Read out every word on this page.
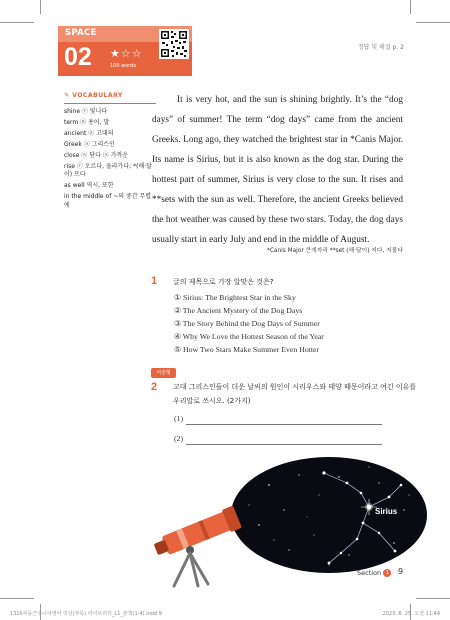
SPACE
02 ★☆☆
100 words
정답 및 해설 p. 2
✎ VOCABULARY
shine ⓥ 빛나다
term ⓝ 용어, 말
ancient ⓐ 고대의
Greek ⓐ 그리스인
close ⓐ 닫다 ⓐ 가까운
rise ⓥ 오르다, 올라가다; *(해·달이) 뜨다
as well 역시, 또한
in the middle of ~의 중간 무렵에

It is very hot, and the sun is shining brightly. It’s the “dog days” of summer! The term “dog days” came from the ancient Greeks. Long ago, they watched the brightest star in *Canis Major. Its name is Sirius, but it is also known as the dog star. During the hottest part of summer, Sirius is very close to the sun. It rises and **sets with the sun as well. Therefore, the ancient Greeks believed the hot weather was caused by these two stars. Today, the dog days usually start in early July and end in the middle of August.

*Canis Major 큰개자리 **set (해·달이) 지다, 저물다
1 글의 제목으로 가장 알맞은 것은?
① Sirius: The Brightest Star in the Sky
② The Ancient Mystery of the Dog Days
③ The Story Behind the Dog Days of Summer
④ Why We Love the Hottest Season of the Year
⑤ How Two Stars Make Summer Even Hotter
서술형
2 고대 그리스인들이 더운 날씨의 원인이 시리우스와 태양 때문이라고 여긴 이유를
우리말로 쓰시오. (2가지)
(1)
(2)
Sirius
Section 1	9
1316씨동근주니어영어 리딩(부록) 라이브러리_L1_본책(1-4).indd 9	2023. 8. 25. 오전 11:44
